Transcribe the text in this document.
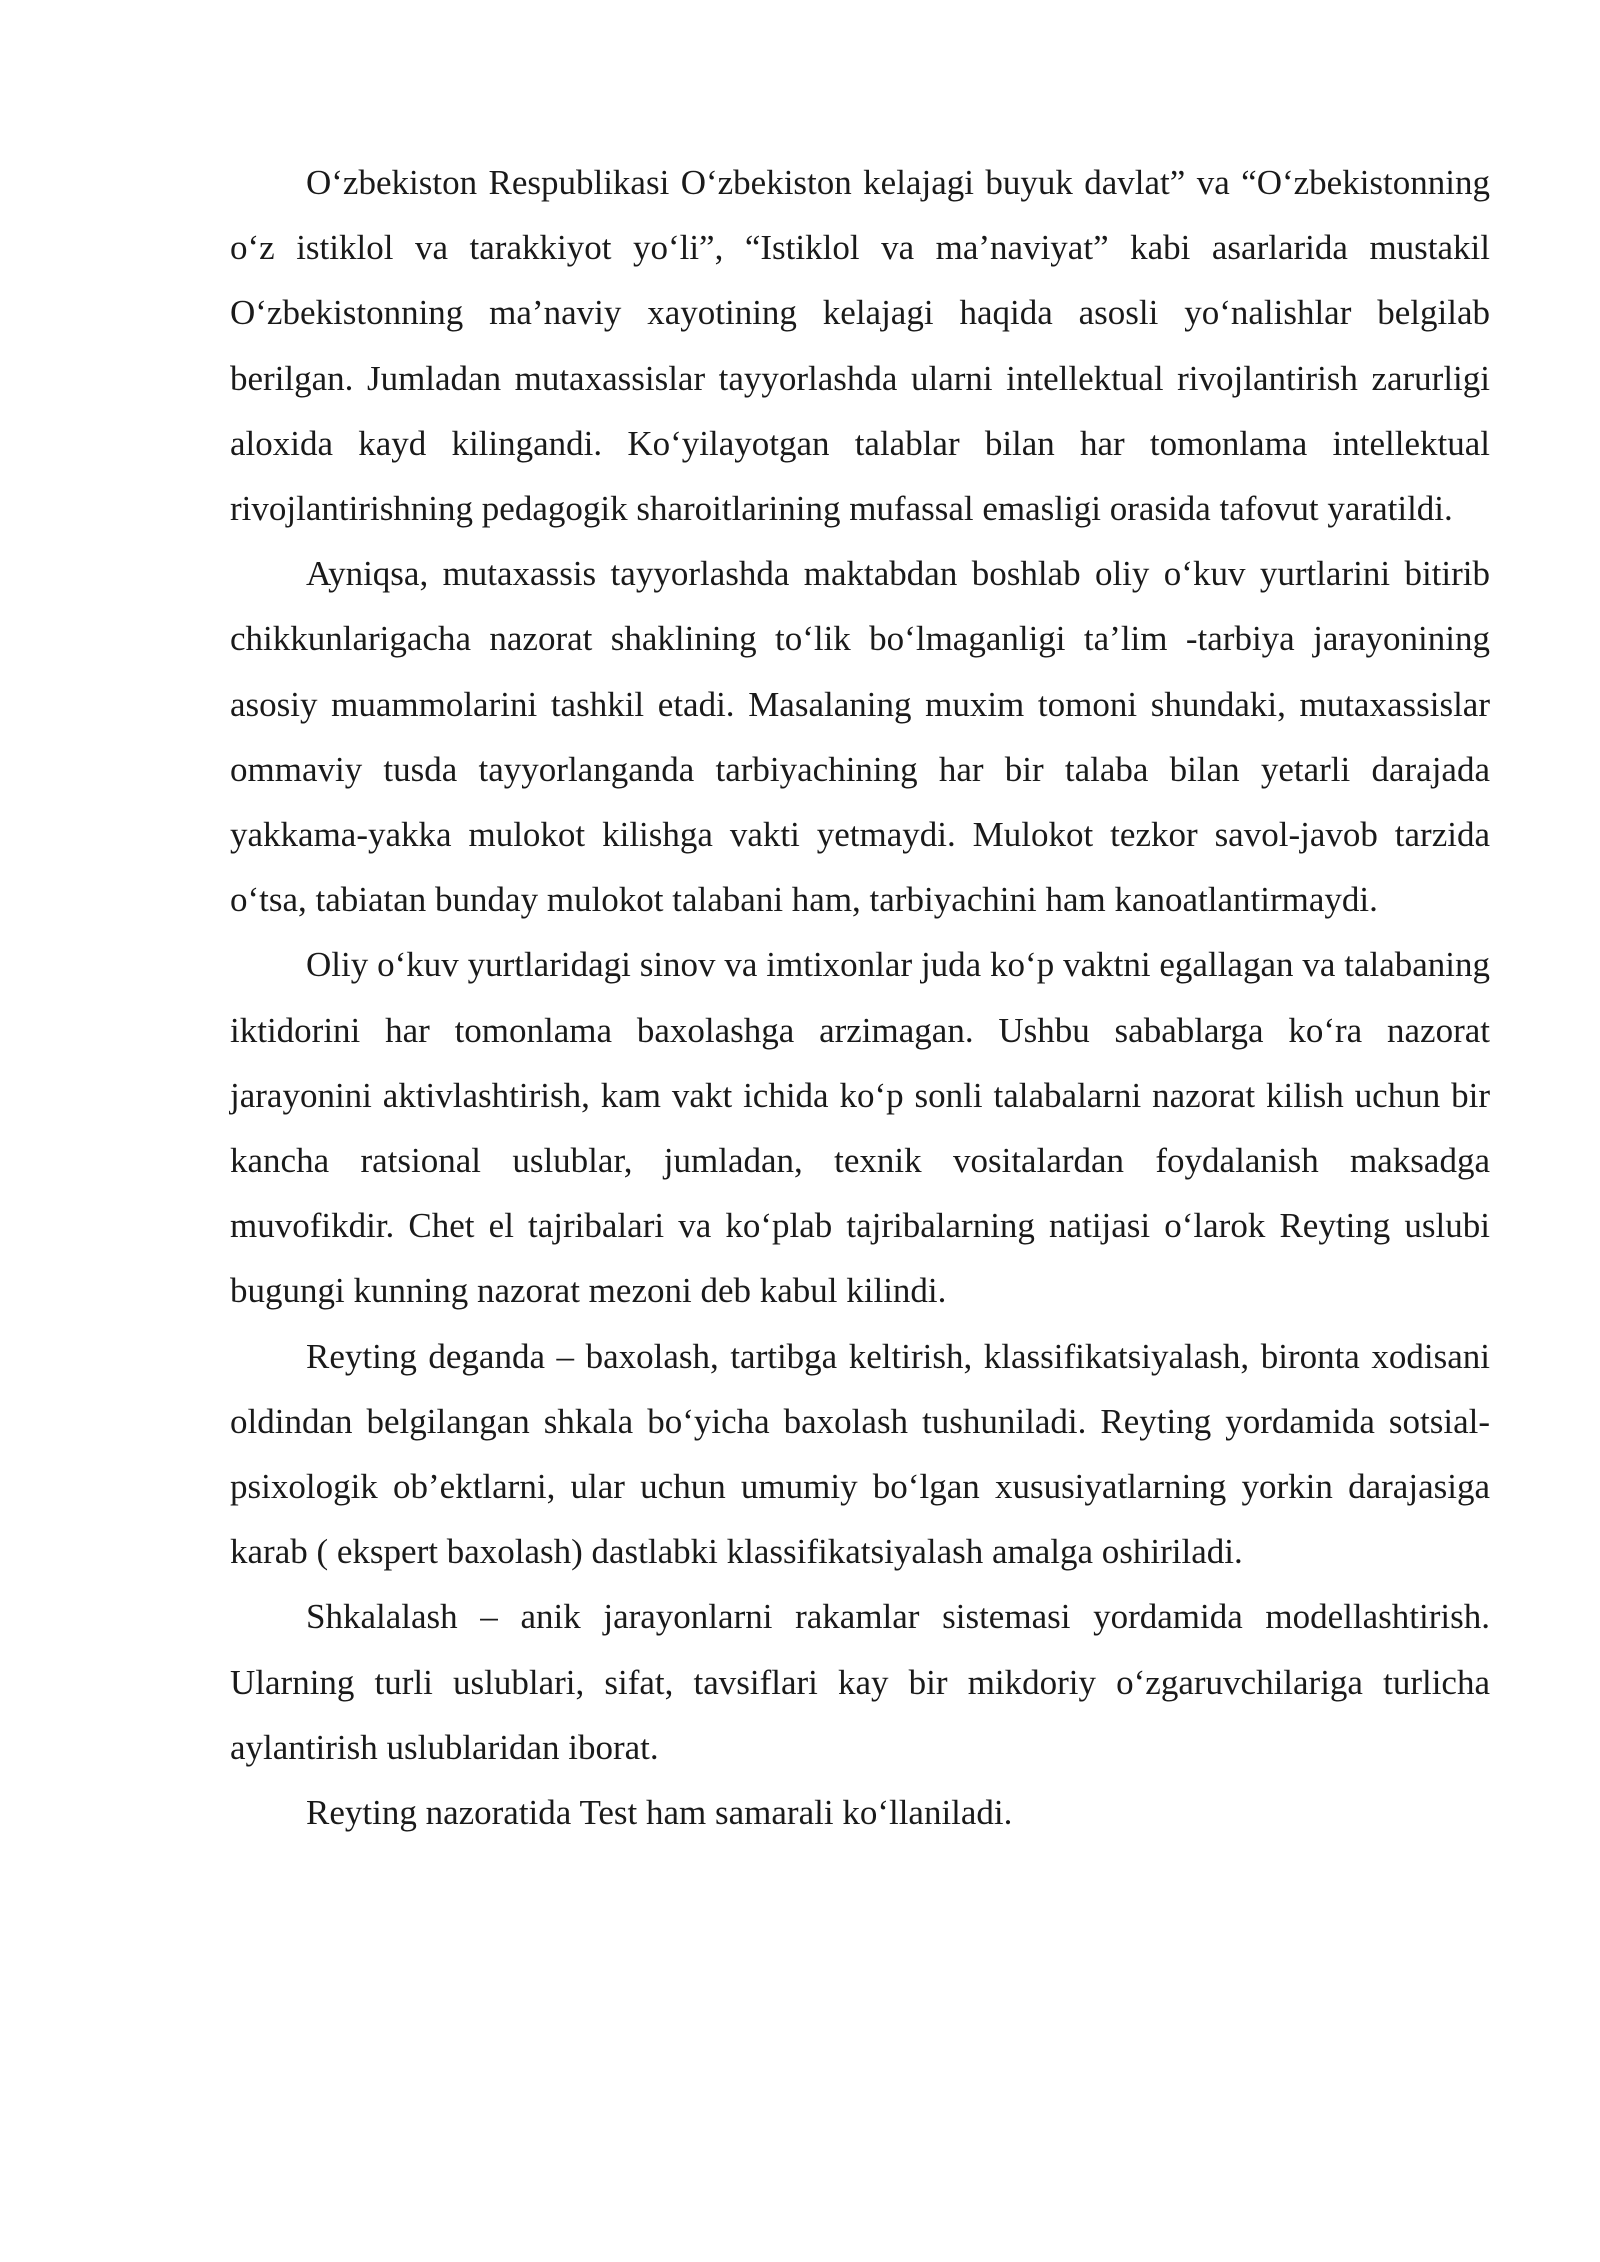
O‘zbekiston Respublikasi O‘zbekiston kelajagi buyuk davlat” va “O‘zbekistonning o‘z istiklol va tarakkiyot yo‘li”, “Istiklol va ma’naviyat” kabi asarlarida mustakil O‘zbekistonning ma’naviy xayotining kelajagi haqida asosli yo‘nalishlar belgilab berilgan. Jumladan mutaxassislar tayyorlashda ularni intellektual rivojlantirish zarurligi aloxida kayd kilingandi. Ko‘yilayotgan talablar bilan har tomonlama intellektual rivojlantirishning pedagogik sharoitlarining mufassal emasligi orasida tafovut yaratildi.

Ayniqsa, mutaxassis tayyorlashda maktabdan boshlab oliy o‘kuv yurtlarini bitirib chikkunlarigacha nazorat shaklining to‘lik bo‘lmaganligi ta’lim -tarbiya jarayonining asosiy muammolarini tashkil etadi. Masalaning muxim tomoni shundaki, mutaxassislar ommaviy tusda tayyorlanganda tarbiyachining har bir talaba bilan yetarli darajada yakkama-yakka mulokot kilishga vakti yetmaydi. Mulokot tezkor savol-javob tarzida o‘tsa, tabiatan bunday mulokot talabani ham, tarbiyachini ham kanoatlantirmaydi.

Oliy o‘kuv yurtlaridagi sinov va imtixonlar juda ko‘p vaktni egallagan va talabaning iktidorini har tomonlama baxolashga arzimagan. Ushbu sabablarga ko‘ra nazorat jarayonini aktivlashtirish, kam vakt ichida ko‘p sonli talabalarni nazorat kilish uchun bir kancha ratsional uslublar, jumladan, texnik vositalardan foydalanish maksadga muvofikdir. Chet el tajribalari va ko‘plab tajribalarning natijasi o‘larok Reyting uslubi bugungi kunning nazorat mezoni deb kabul kilindi.

Reyting deganda – baxolash, tartibga keltirish, klassifikatsiyalash, bironta xodisani oldindan belgilangan shkala bo‘yicha baxolash tushuniladi. Reyting yordamida sotsial-psixologik ob’ektlarni, ular uchun umumiy bo‘lgan xususiyatlarning yorkin darajasiga karab ( ekspert baxolash) dastlabki klassifikatsiyalash amalga oshiriladi.

Shkalalash – anik jarayonlarni rakamlar sistemasi yordamida modellashtirish. Ularning turli uslublari, sifat, tavsiflari kay bir mikdoriy o‘zgaruvchilariga turlicha aylantirish uslublaridan iborat.

Reyting nazoratida Test ham samarali ko‘llaniladi.
